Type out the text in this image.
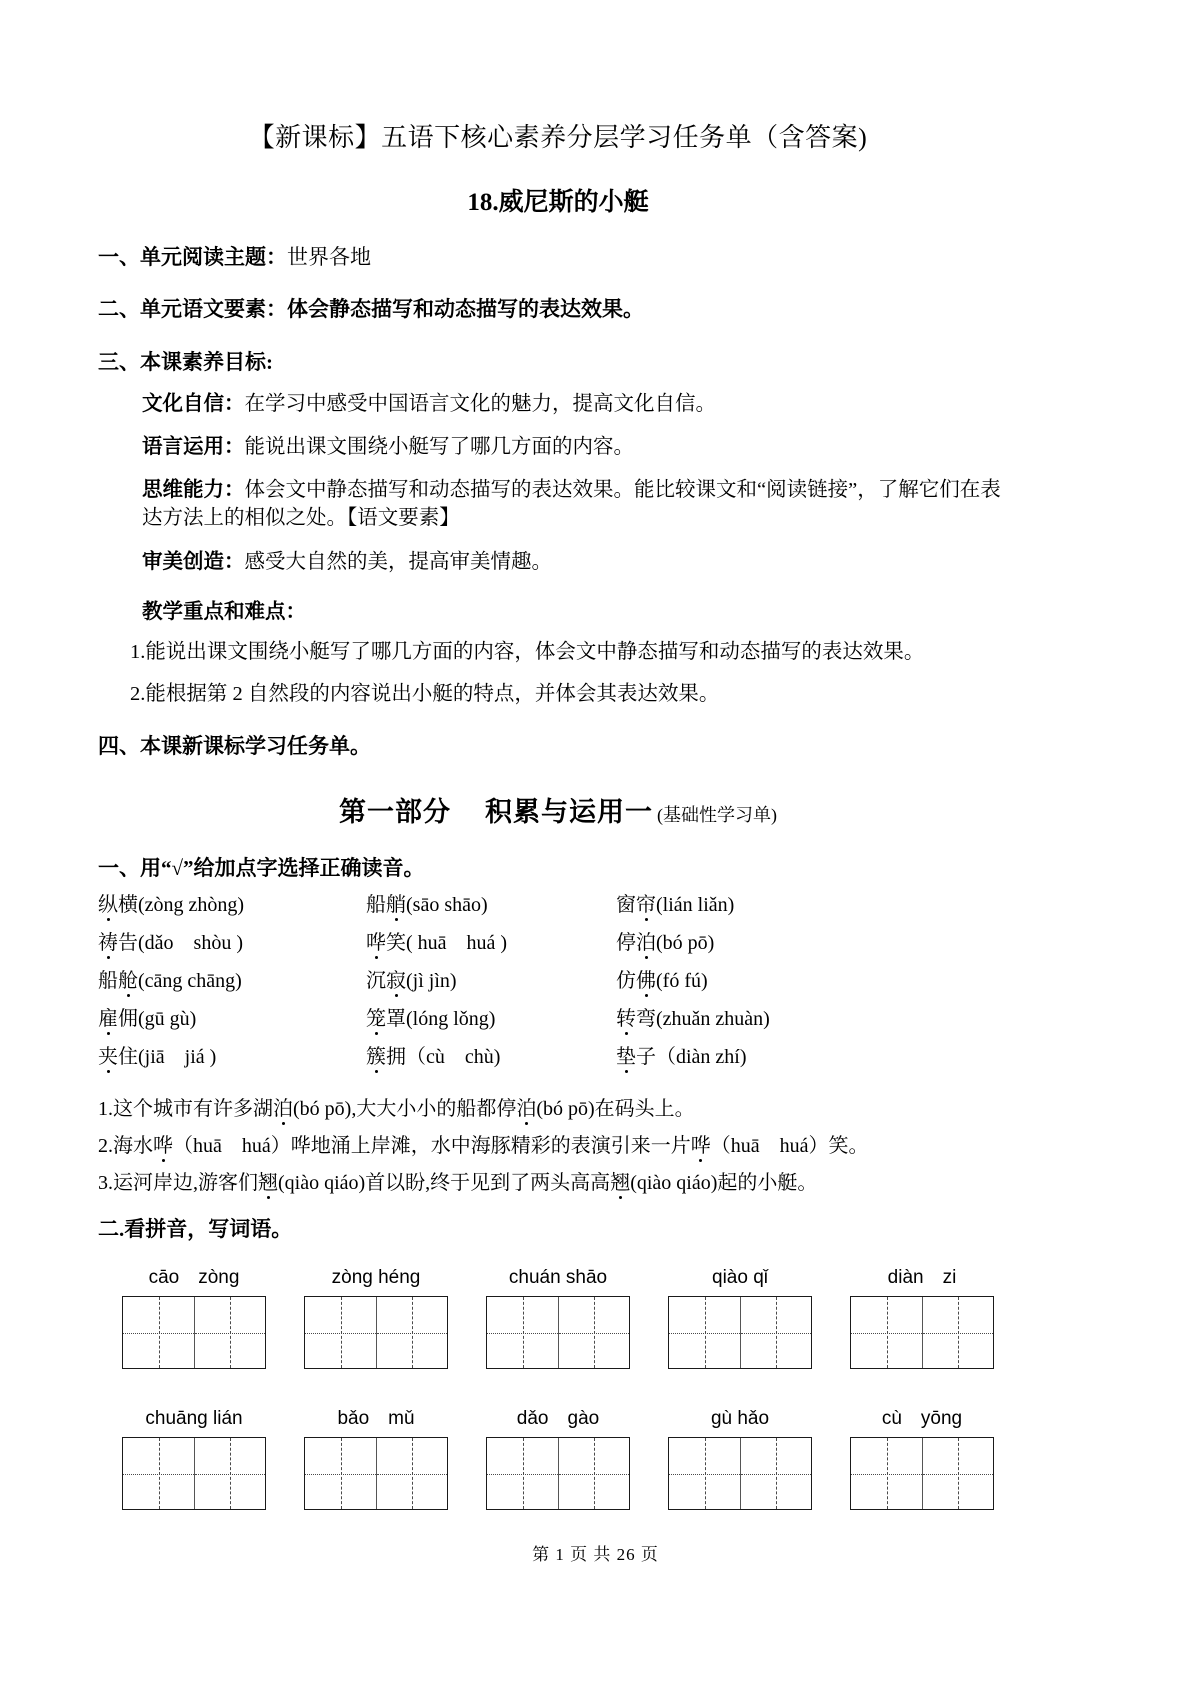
【新课标】五语下核心素养分层学习任务单（含答案)
18.威尼斯的小艇
一、单元阅读主题：世界各地
二、单元语文要素：体会静态描写和动态描写的表达效果。
三、本课素养目标:
文化自信：在学习中感受中国语言文化的魅力，提高文化自信。
语言运用：能说出课文围绕小艇写了哪几方面的内容。
思维能力：体会文中静态描写和动态描写的表达效果。能比较课文和“阅读链接”，了解它们在表达方法上的相似之处。【语文要素】
审美创造：感受大自然的美，提高审美情趣。
教学重点和难点：
1.能说出课文围绕小艇写了哪几方面的内容，体会文中静态描写和动态描写的表达效果。
2.能根据第 2 自然段的内容说出小艇的特点，并体会其表达效果。
四、本课新课标学习任务单。
第一部分 积累与运用一 (基础性学习单)
一、用“√”给加点字选择正确读音。
纵横(zòng zhòng)	船艄(sāo shāo)	窗帘(lián liǎn)
祷告(dǎo　shòu )	哗笑( huā　huá )	停泊(bó pō)
船舱(cāng chāng)	沉寂(jì jìn)	仿佛(fó fú)
雇佣(gū gù)	笼罩(lóng lǒng)	转弯(zhuǎn zhuàn)
夹住(jiā　jiá )	簇拥（cù　chù)	垫子（diàn zhí)
1.这个城市有许多湖泊(bó pō),大大小小的船都停泊(bó pō)在码头上。
2.海水哗（huā　huá）哗地涌上岸滩，水中海豚精彩的表演引来一片哗（huā　huá）笑。
3.运河岸边,游客们翘(qiào qiáo)首以盼,终于见到了两头高高翘(qiào qiáo)起的小艇。
二.看拼音，写词语。
cāo　zòng	zòng héng	chuán shāo	qiào qǐ	diàn　zi
chuāng lián	bǎo　mǔ	dǎo　gào	gù hǎo	cù　yōng
第 1 页 共 26 页
